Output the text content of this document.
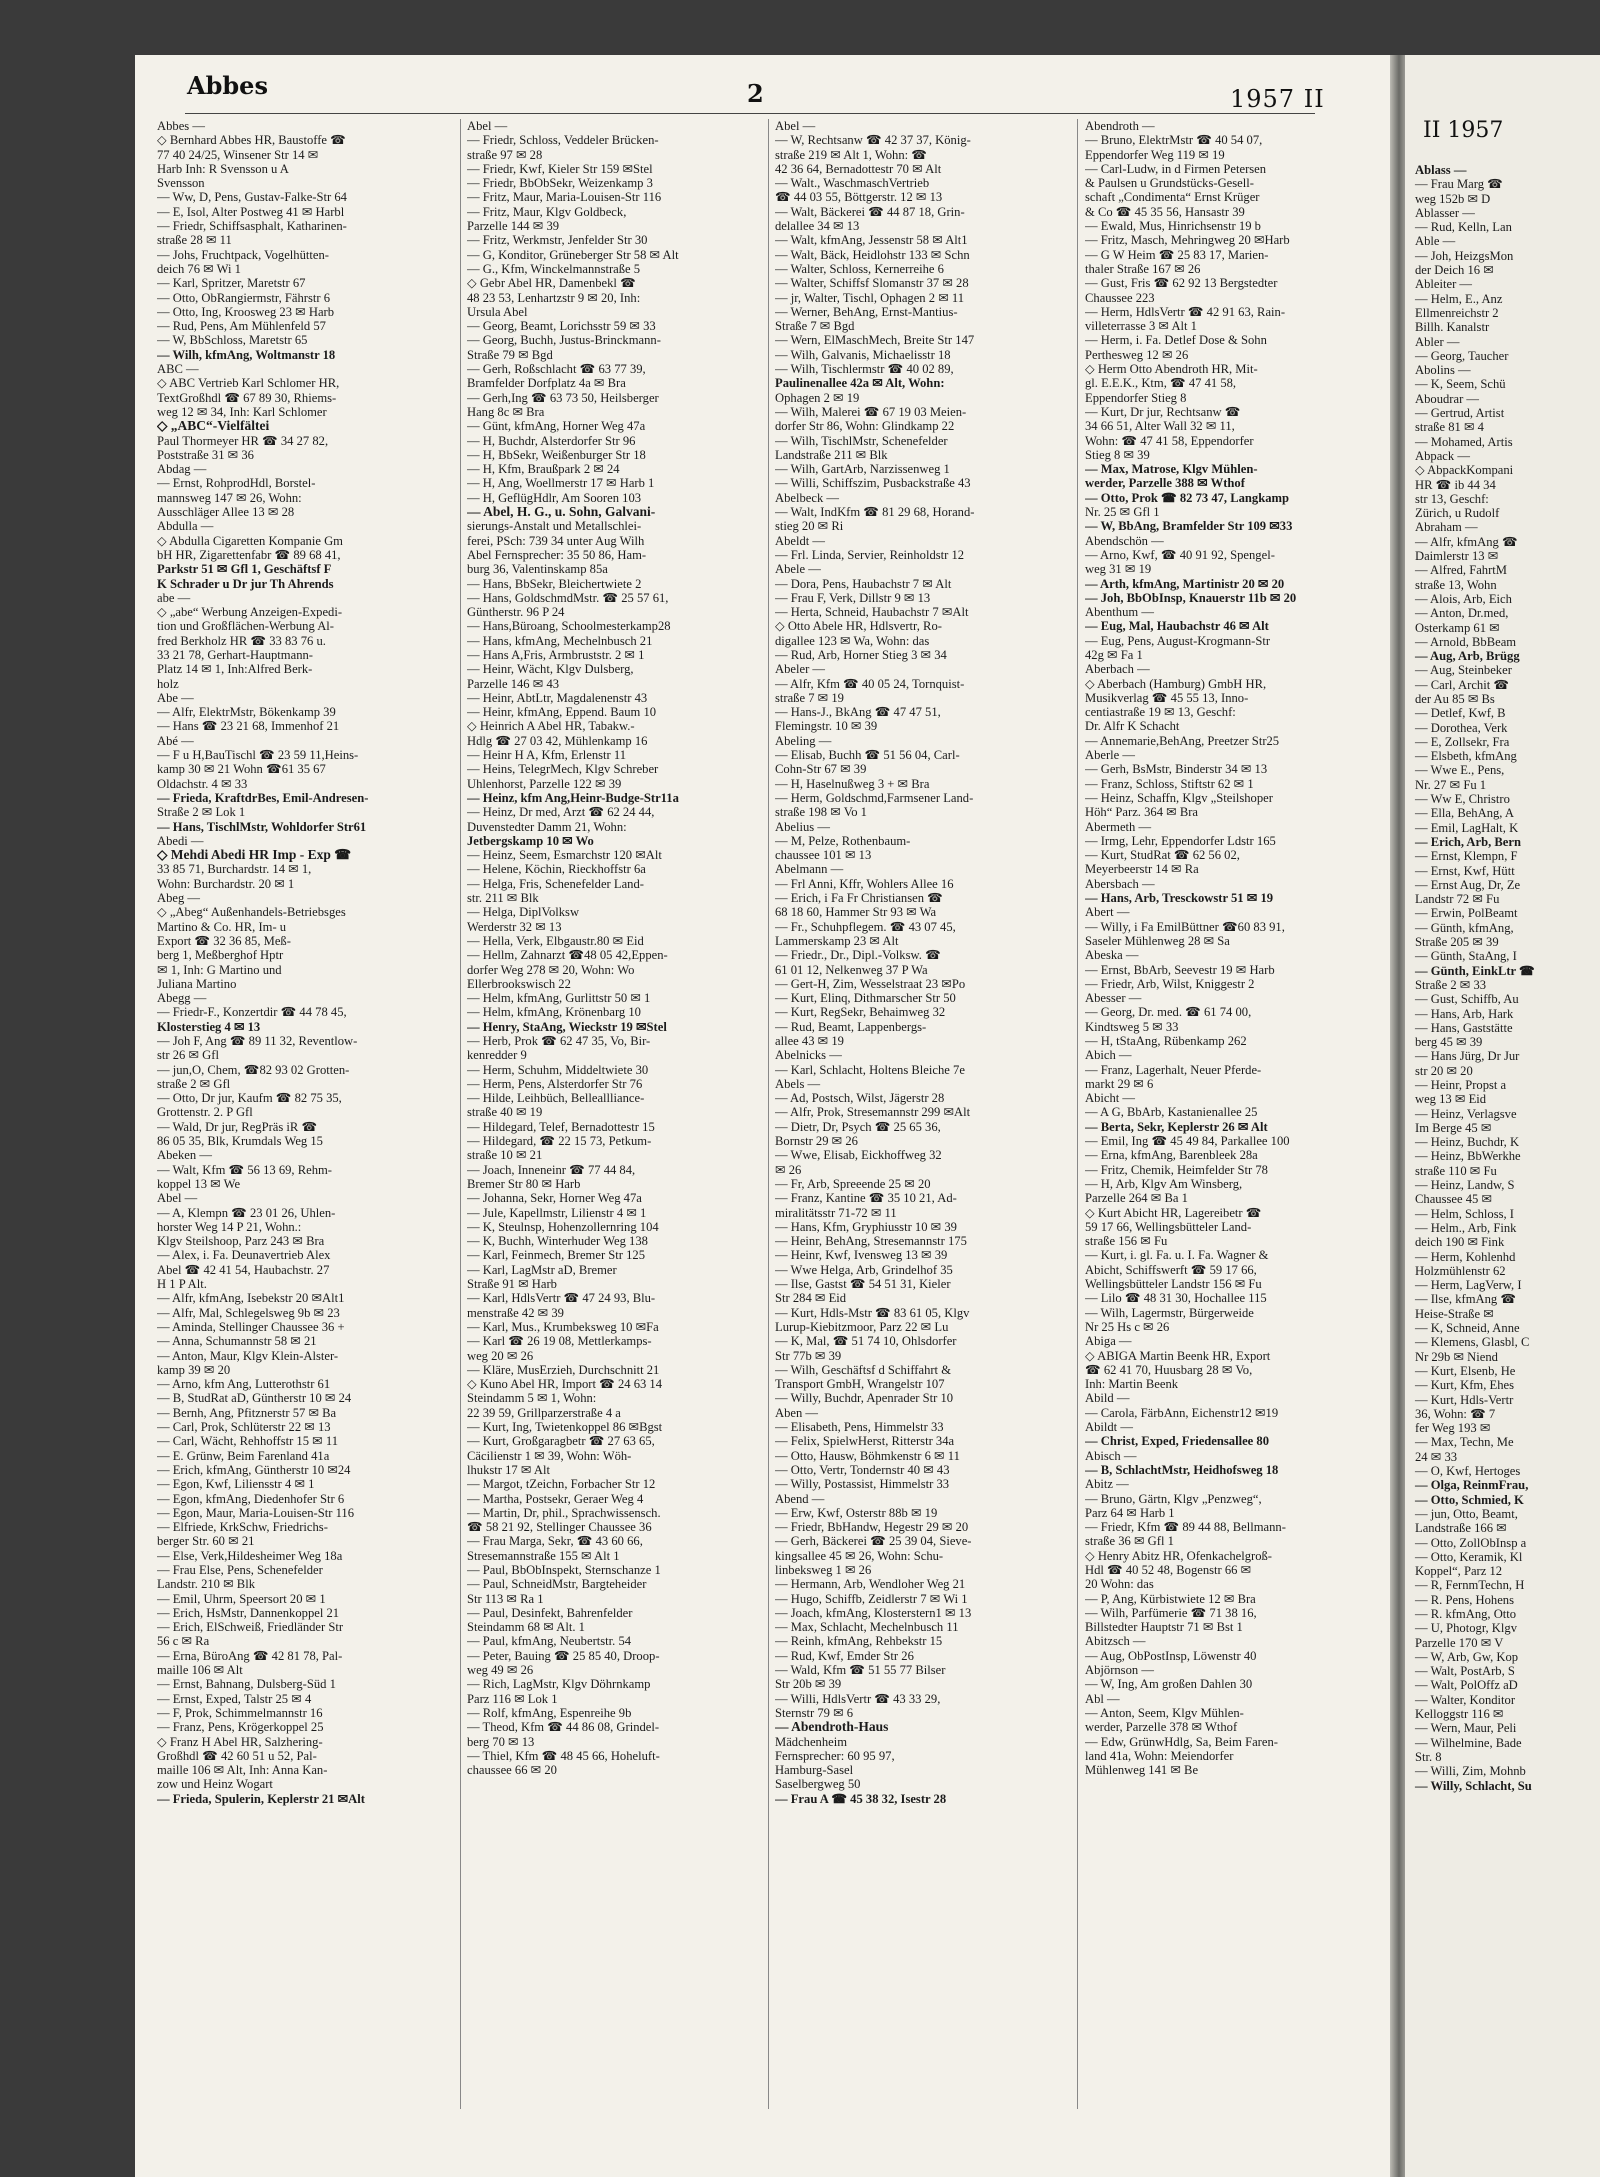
Abbes	2	1957 II
Abbes —
◇ Bernhard Abbes HR, Baustoffe ☎
77 40 24/25, Winsener Str 14 ✉
Harb Inh: R Svensson u A
Svensson
— Ww, D, Pens, Gustav-Falke-Str 64
— E, Isol, Alter Postweg 41 ✉ Harbl
— Friedr, Schiffsasphalt, Katharinen-
straße 28 ✉ 11
— Johs, Fruchtpack, Vogelhütten-
deich 76 ✉ Wi 1
— Karl, Spritzer, Maretstr 67
— Otto, ObRangiermstr, Fährstr 6
— Otto, Ing, Kroosweg 23 ✉ Harb
— Rud, Pens, Am Mühlenfeld 57
— W, BbSchloss, Maretstr 65
— Wilh, kfmAng, Woltmanstr 18
ABC —
◇ ABC Vertrieb Karl Schlomer HR,
TextGroßhdl ☎ 67 89 30, Rhiems-
weg 12 ✉ 34, Inh: Karl Schlomer
◇ „ABC“-Vielfältei
Paul Thormeyer HR ☎ 34 27 82,
Poststraße 31 ✉ 36
Abdag —
— Ernst, RohprodHdl, Borstel-
mannsweg 147 ✉ 26, Wohn:
Ausschläger Allee 13 ✉ 28
Abdulla —
◇ Abdulla Cigaretten Kompanie Gm
bH HR, Zigarettenfabr ☎ 89 68 41,
Parkstr 51 ✉ Gfl 1, Geschäftsf F
K Schrader u Dr jur Th Ahrends
abe —
◇ „abe“ Werbung Anzeigen-Expedi-
tion und Großflächen-Werbung Al-
fred Berkholz HR ☎ 33 83 76 u.
33 21 78, Gerhart-Hauptmann-
Platz 14 ✉ 1, Inh:Alfred Berk-
holz
Abe —
— Alfr, ElektrMstr, Bökenkamp 39
— Hans ☎ 23 21 68, Immenhof 21
Abé —
— F u H,BauTischl ☎ 23 59 11,Heins-
kamp 30 ✉ 21 Wohn ☎61 35 67
Oldachstr. 4 ✉ 33
— Frieda, KraftdrBes, Emil-Andresen-
Straße 2 ✉ Lok 1
— Hans, TischlMstr, Wohldorfer Str61
Abedi —
◇ Mehdi Abedi HR Imp - Exp ☎
33 85 71, Burchardstr. 14 ✉ 1,
Wohn: Burchardstr. 20 ✉ 1
Abeg —
◇ „Abeg“ Außenhandels-Betriebsges
Martino & Co. HR, Im- u
Export ☎ 32 36 85, Meß-
berg 1, Meßberghof Hptr
✉ 1, Inh: G Martino und
Juliana Martino
Abegg —
— Friedr-F., Konzertdir ☎ 44 78 45,
Klosterstieg 4 ✉ 13
— Joh F, Ang ☎ 89 11 32, Reventlow-
str 26 ✉ Gfl
— jun,O, Chem, ☎82 93 02 Grotten-
straße 2 ✉ Gfl
— Otto, Dr jur, Kaufm ☎ 82 75 35,
Grottenstr. 2. P Gfl
— Wald, Dr jur, RegPräs iR ☎
86 05 35, Blk, Krumdals Weg 15
Abeken —
— Walt, Kfm ☎ 56 13 69, Rehm-
koppel 13 ✉ We
Abel —
— A, Klempn ☎ 23 01 26, Uhlen-
horster Weg 14 P 21, Wohn.:
Klgv Steilshoop, Parz 243 ✉ Bra
— Alex, i. Fa. Deunavertrieb Alex
Abel ☎ 42 41 54, Haubachstr. 27
H 1 P Alt.
— Alfr, kfmAng, Isebekstr 20 ✉Alt1
— Alfr, Mal, Schlegelsweg 9b ✉ 23
— Aminda, Stellinger Chaussee 36 +
— Anna, Schumannstr 58 ✉ 21
— Anton, Maur, Klgv Klein-Alster-
kamp 39 ✉ 20
— Arno, kfm Ang, Lutterothstr 61
— B, StudRat aD, Güntherstr 10 ✉ 24
— Bernh, Ang, Pfitznerstr 57 ✉ Ba
— Carl, Prok, Schlüterstr 22 ✉ 13
— Carl, Wächt, Rehhoffstr 15 ✉ 11
— E. Grünw, Beim Farenland 41a
— Erich, kfmAng, Güntherstr 10 ✉24
— Egon, Kwf, Liliensstr 4 ✉ 1
— Egon, kfmAng, Diedenhofer Str 6
— Egon, Maur, Maria-Louisen-Str 116
— Elfriede, KrkSchw, Friedrichs-
berger Str. 60 ✉ 21
— Else, Verk,Hildesheimer Weg 18a
— Frau Else, Pens, Schenefelder
Landstr. 210 ✉ Blk
— Emil, Uhrm, Speersort 20 ✉ 1
— Erich, HsMstr, Dannenkoppel 21
— Erich, ElSchweiß, Friedländer Str
56 c ✉ Ra
— Erna, BüroAng ☎ 42 81 78, Pal-
maille 106 ✉ Alt
— Ernst, Bahnang, Dulsberg-Süd 1
— Ernst, Exped, Talstr 25 ✉ 4
— F, Prok, Schimmelmannstr 16
— Franz, Pens, Krögerkoppel 25
◇ Franz H Abel HR, Salzhering-
Großhdl ☎ 42 60 51 u 52, Pal-
maille 106 ✉ Alt, Inh: Anna Kan-
zow und Heinz Wogart
— Frieda, Spulerin, Keplerstr 21 ✉Alt
Abel —
— Friedr, Schloss, Veddeler Brücken-
straße 97 ✉ 28
— Friedr, Kwf, Kieler Str 159 ✉Stel
— Friedr, BbObSekr, Weizenkamp 3
— Fritz, Maur, Maria-Louisen-Str 116
— Fritz, Maur, Klgv Goldbeck,
Parzelle 144 ✉ 39
— Fritz, Werkmstr, Jenfelder Str 30
— G, Konditor, Grüneberger Str 58 ✉ Alt
— G., Kfm, Winckelmannstraße 5
◇ Gebr Abel HR, Damenbekl ☎
48 23 53, Lenhartzstr 9 ✉ 20, Inh:
Ursula Abel
— Georg, Beamt, Lorichsstr 59 ✉ 33
— Georg, Buchh, Justus-Brinckmann-
Straße 79 ✉ Bgd
— Gerh, Roßschlacht ☎ 63 77 39,
Bramfelder Dorfplatz 4a ✉ Bra
— Gerh,Ing ☎ 63 73 50, Heilsberger
Hang 8c ✉ Bra
— Günt, kfmAng, Horner Weg 47a
— H, Buchdr, Alsterdorfer Str 96
— H, BbSekr, Weißenburger Str 18
— H, Kfm, Braußpark 2 ✉ 24
— H, Ang, Woellmerstr 17 ✉ Harb 1
— H, GeflügHdlr, Am Sooren 103
— Abel, H. G., u. Sohn, Galvani-
sierungs-Anstalt und Metallschlei-
ferei, PSch: 739 34 unter Aug Wilh
Abel Fernsprecher: 35 50 86, Ham-
burg 36, Valentinskamp 85a
— Hans, BbSekr, Bleichertwiete 2
— Hans, GoldschmdMstr. ☎ 25 57 61,
Güntherstr. 96 P 24
— Hans,Büroang, Schoolmesterkamp28
— Hans, kfmAng, Mechelnbusch 21
— Hans A,Fris, Armbruststr. 2 ✉ 1
— Heinr, Wächt, Klgv Dulsberg,
Parzelle 146 ✉ 43
— Heinr, AbtLtr, Magdalenenstr 43
— Heinr, kfmAng, Eppend. Baum 10
◇ Heinrich A Abel HR, Tabakw.-
Hdlg ☎ 27 03 42, Mühlenkamp 16
— Heinr H A, Kfm, Erlenstr 11
— Heins, TelegrMech, Klgv Schreber
Uhlenhorst, Parzelle 122 ✉ 39
— Heinz, kfm Ang,Heinr-Budge-Str11a
— Heinz, Dr med, Arzt ☎ 62 24 44,
Duvenstedter Damm 21, Wohn:
Jetbergskamp 10 ✉ Wo
— Heinz, Seem, Esmarchstr 120 ✉Alt
— Helene, Köchin, Rieckhoffstr 6a
— Helga, Fris, Schenefelder Land-
str. 211 ✉ Blk
— Helga, DiplVolksw
Werderstr 32 ✉ 13
— Hella, Verk, Elbgaustr.80 ✉ Eid
— Hellm, Zahnarzt ☎48 05 42,Eppen-
dorfer Weg 278 ✉ 20, Wohn: Wo
Ellerbrookswisch 22
— Helm, kfmAng, Gurlittstr 50 ✉ 1
— Helm, kfmAng, Krönenbarg 10
— Henry, StaAng, Wieckstr 19 ✉Stel
— Herb, Prok ☎ 62 47 35, Vo, Bir-
kenredder 9
— Herm, Schuhm, Middeltwiete 30
— Herm, Pens, Alsterdorfer Str 76
— Hilde, Leihbüch, Belleallliance-
straße 40 ✉ 19
— Hildegard, Telef, Bernadottestr 15
— Hildegard, ☎ 22 15 73, Petkum-
straße 10 ✉ 21
— Joach, Inneneinr ☎ 77 44 84,
Bremer Str 80 ✉ Harb
— Johanna, Sekr, Horner Weg 47a
— Jule, Kapellmstr, Lilienstr 4 ✉ 1
— K, Steulnsp, Hohenzollernring 104
— K, Buchh, Winterhuder Weg 138
— Karl, Feinmech, Bremer Str 125
— Karl, LagMstr aD, Bremer
Straße 91 ✉ Harb
— Karl, HdlsVertr ☎ 47 24 93, Blu-
menstraße 42 ✉ 39
— Karl, Mus., Krumbeksweg 10 ✉Fa
— Karl ☎ 26 19 08, Mettlerkamps-
weg 20 ✉ 26
— Kläre, MusErzieh, Durchschnitt 21
◇ Kuno Abel HR, Import ☎ 24 63 14
Steindamm 5 ✉ 1, Wohn:
22 39 59, Grillparzerstraße 4 a
— Kurt, Ing, Twietenkoppel 86 ✉Bgst
— Kurt, Großgaragbetr ☎ 27 63 65,
Cäcilienstr 1 ✉ 39, Wohn: Wöh-
lhukstr 17 ✉ Alt
— Margot, tZeichn, Forbacher Str 12
— Martha, Postsekr, Geraer Weg 4
— Martin, Dr, phil., Sprachwissensch.
☎ 58 21 92, Stellinger Chaussee 36
— Frau Marga, Sekr, ☎ 43 60 66,
Stresemannstraße 155 ✉ Alt 1
— Paul, BbObInspekt, Sternschanze 1
— Paul, SchneidMstr, Bargteheider
Str 113 ✉ Ra 1
— Paul, Desinfekt, Bahrenfelder
Steindamm 68 ✉ Alt. 1
— Paul, kfmAng, Neubertstr. 54
— Peter, Bauing ☎ 25 85 40, Droop-
weg 49 ✉ 26
— Rich, LagMstr, Klgv Döhrnkamp
Parz 116 ✉ Lok 1
— Rolf, kfmAng, Espenreihe 9b
— Theod, Kfm ☎ 44 86 08, Grindel-
berg 70 ✉ 13
— Thiel, Kfm ☎ 48 45 66, Hoheluft-
chaussee 66 ✉ 20
Abel —
— W, Rechtsanw ☎ 42 37 37, König-
straße 219 ✉ Alt 1, Wohn: ☎
42 36 64, Bernadottestr 70 ✉ Alt
— Walt., WaschmaschVertrieb
☎ 44 03 55, Böttgerstr. 12 ✉ 13
— Walt, Bäckerei ☎ 44 87 18, Grin-
delallee 34 ✉ 13
— Walt, kfmAng, Jessenstr 58 ✉ Alt1
— Walt, Bäck, Heidlohstr 133 ✉ Schn
— Walter, Schloss, Kernerreihe 6
— Walter, Schiffsf Slomanstr 37 ✉ 28
— jr, Walter, Tischl, Ophagen 2 ✉ 11
— Werner, BehAng, Ernst-Mantius-
Straße 7 ✉ Bgd
— Wern, ElMaschMech, Breite Str 147
— Wilh, Galvanis, Michaelisstr 18
— Wilh, Tischlermstr ☎ 40 02 89,
Paulinenallee 42a ✉ Alt, Wohn:
Ophagen 2 ✉ 19
— Wilh, Malerei ☎ 67 19 03 Meien-
dorfer Str 86, Wohn: Glindkamp 22
— Wilh, TischlMstr, Schenefelder
Landstraße 211 ✉ Blk
— Wilh, GartArb, Narzissenweg 1
— Willi, Schiffszim, Pusbackstraße 43
Abelbeck —
— Walt, IndKfm ☎ 81 29 68, Horand-
stieg 20 ✉ Ri
Abeldt —
— Frl. Linda, Servier, Reinholdstr 12
Abele —
— Dora, Pens, Haubachstr 7 ✉ Alt
— Frau F, Verk, Dillstr 9 ✉ 13
— Herta, Schneid, Haubachstr 7 ✉Alt
◇ Otto Abele HR, Hdlsvertr, Ro-
digallee 123 ✉ Wa, Wohn: das
— Rud, Arb, Horner Stieg 3 ✉ 34
Abeler —
— Alfr, Kfm ☎ 40 05 24, Tornquist-
straße 7 ✉ 19
— Hans-J., BkAng ☎ 47 47 51,
Flemingstr. 10 ✉ 39
Abeling —
— Elisab, Buchh ☎ 51 56 04, Carl-
Cohn-Str 67 ✉ 39
— H, Haselnußweg 3 + ✉ Bra
— Herm, Goldschmd,Farmsener Land-
straße 198 ✉ Vo 1
Abelius —
— M, Pelze, Rothenbaum-
chaussee 101 ✉ 13
Abelmann —
— Frl Anni, Kffr, Wohlers Allee 16
— Erich, i Fa Fr Christiansen ☎
68 18 60, Hammer Str 93 ✉ Wa
— Fr., Schuhpflegem. ☎ 43 07 45,
Lammerskamp 23 ✉ Alt
— Friedr., Dr., Dipl.-Volksw. ☎
61 01 12, Nelkenweg 37 P Wa
— Gert-H, Zim, Wesselstraat 23 ✉Po
— Kurt, Elinq, Dithmarscher Str 50
— Kurt, RegSekr, Behaimweg 32
— Rud, Beamt, Lappenbergs-
allee 43 ✉ 19
Abelnicks —
— Karl, Schlacht, Holtens Bleiche 7e
Abels —
— Ad, Postsch, Wilst, Jägerstr 28
— Alfr, Prok, Stresemannstr 299 ✉Alt
— Dietr, Dr, Psych ☎ 25 65 36,
Bornstr 29 ✉ 26
— Wwe, Elisab, Eickhoffweg 32
✉ 26
— Fr, Arb, Spreeende 25 ✉ 20
— Franz, Kantine ☎ 35 10 21, Ad-
miralitätsstr 71-72 ✉ 11
— Hans, Kfm, Gryphiusstr 10 ✉ 39
— Heinr, BehAng, Stresemannstr 175
— Heinr, Kwf, Ivensweg 13 ✉ 39
— Wwe Helga, Arb, Grindelhof 35
— Ilse, Gastst ☎ 54 51 31, Kieler
Str 284 ✉ Eid
— Kurt, Hdls-Mstr ☎ 83 61 05, Klgv
Lurup-Kiebitzmoor, Parz 22 ✉ Lu
— K, Mal, ☎ 51 74 10, Ohlsdorfer
Str 77b ✉ 39
— Wilh, Geschäftsf d Schiffahrt &
Transport GmbH, Wrangelstr 107
— Willy, Buchdr, Apenrader Str 10
Aben —
— Elisabeth, Pens, Himmelstr 33
— Felix, SpielwHerst, Ritterstr 34a
— Otto, Hausw, Böhmkenstr 6 ✉ 11
— Otto, Vertr, Tondernstr 40 ✉ 43
— Willy, Postassist, Himmelstr 33
Abend —
— Erw, Kwf, Osterstr 88b ✉ 19
— Friedr, BbHandw, Hegestr 29 ✉ 20
— Gerh, Bäckerei ☎ 25 39 04, Sieve-
kingsallee 45 ✉ 26, Wohn: Schu-
linbeksweg 1 ✉ 26
— Hermann, Arb, Wendloher Weg 21
— Hugo, Schiffb, Zeidlerstr 7 ✉ Wi 1
— Joach, kfmAng, Klosterstern1 ✉ 13
— Max, Schlacht, Mechelnbusch 11
— Reinh, kfmAng, Rehbekstr 15
— Rud, Kwf, Emder Str 26
— Wald, Kfm ☎ 51 55 77 Bilser
Str 20b ✉ 39
— Willi, HdlsVertr ☎ 43 33 29,
Sternstr 79 ✉ 6
— Abendroth-Haus
Mädchenheim
Fernsprecher: 60 95 97,
Hamburg-Sasel
Saselbergweg 50
— Frau A ☎ 45 38 32, Isestr 28
Abendroth —
— Bruno, ElektrMstr ☎ 40 54 07,
Eppendorfer Weg 119 ✉ 19
— Carl-Ludw, in d Firmen Petersen
& Paulsen u Grundstücks-Gesell-
schaft „Condimenta“ Ernst Krüger
& Co ☎ 45 35 56, Hansastr 39
— Ewald, Mus, Hinrichsenstr 19 b
— Fritz, Masch, Mehringweg 20 ✉Harb
— G W Heim ☎ 25 83 17, Marien-
thaler Straße 167 ✉ 26
— Gust, Fris ☎ 62 92 13 Bergstedter
Chaussee 223
— Herm, HdlsVertr ☎ 42 91 63, Rain-
villeterrasse 3 ✉ Alt 1
— Herm, i. Fa. Detlef Dose & Sohn
Perthesweg 12 ✉ 26
◇ Herm Otto Abendroth HR, Mit-
gl. E.E.K., Ktm, ☎ 47 41 58,
Eppendorfer Stieg 8
— Kurt, Dr jur, Rechtsanw ☎
34 66 51, Alter Wall 32 ✉ 11,
Wohn: ☎ 47 41 58, Eppendorfer
Stieg 8 ✉ 39
— Max, Matrose, Klgv Mühlen-
werder, Parzelle 388 ✉ Wthof
— Otto, Prok ☎ 82 73 47, Langkamp
Nr. 25 ✉ Gfl 1
— W, BbAng, Bramfelder Str 109 ✉33
Abendschön —
— Arno, Kwf, ☎ 40 91 92, Spengel-
weg 31 ✉ 19
— Arth, kfmAng, Martinistr 20 ✉ 20
— Joh, BbObInsp, Knauerstr 11b ✉ 20
Abenthum —
— Eug, Mal, Haubachstr 46 ✉ Alt
— Eug, Pens, August-Krogmann-Str
42g ✉ Fa 1
Aberbach —
◇ Aberbach (Hamburg) GmbH HR,
Musikverlag ☎ 45 55 13, Inno-
centiastraße 19 ✉ 13, Geschf:
Dr. Alfr K Schacht
— Annemarie,BehAng, Preetzer Str25
Aberle —
— Gerh, BsMstr, Binderstr 34 ✉ 13
— Franz, Schloss, Stiftstr 62 ✉ 1
— Heinz, Schaffn, Klgv „Steilshoper
Höh“ Parz. 364 ✉ Bra
Abermeth —
— Irmg, Lehr, Eppendorfer Ldstr 165
— Kurt, StudRat ☎ 62 56 02,
Meyerbeerstr 14 ✉ Ra
Abersbach —
— Hans, Arb, Tresckowstr 51 ✉ 19
Abert —
— Willy, i Fa EmilBüttner ☎60 83 91,
Saseler Mühlenweg 28 ✉ Sa
Abeska —
— Ernst, BbArb, Seevestr 19 ✉ Harb
— Friedr, Arb, Wilst, Kniggestr 2
Abesser —
— Georg, Dr. med. ☎ 61 74 00,
Kindtsweg 5 ✉ 33
— H, tStaAng, Rübenkamp 262
Abich —
— Franz, Lagerhalt, Neuer Pferde-
markt 29 ✉ 6
Abicht —
— A G, BbArb, Kastanienallee 25
— Berta, Sekr, Keplerstr 26 ✉ Alt
— Emil, Ing ☎ 45 49 84, Parkallee 100
— Erna, kfmAng, Barenbleek 28a
— Fritz, Chemik, Heimfelder Str 78
— H, Arb, Klgv Am Winsberg,
Parzelle 264 ✉ Ba 1
◇ Kurt Abicht HR, Lagereibetr ☎
59 17 66, Wellingsbütteler Land-
straße 156 ✉ Fu
— Kurt, i. gl. Fa. u. I. Fa. Wagner &
Abicht, Schiffswerft ☎ 59 17 66,
Wellingsbütteler Landstr 156 ✉ Fu
— Lilo ☎ 48 31 30, Hochallee 115
— Wilh, Lagermstr, Bürgerweide
Nr 25 Hs c ✉ 26
Abiga —
◇ ABIGA Martin Beenk HR, Export
☎ 62 41 70, Huusbarg 28 ✉ Vo,
Inh: Martin Beenk
Abild —
— Carola, FärbAnn, Eichenstr12 ✉19
Abildt —
— Christ, Exped, Friedensallee 80
Abisch —
— B, SchlachtMstr, Heidhofsweg 18
Abitz —
— Bruno, Gärtn, Klgv „Penzweg“,
Parz 64 ✉ Harb 1
— Friedr, Kfm ☎ 89 44 88, Bellmann-
straße 36 ✉ Gfl 1
◇ Henry Abitz HR, Ofenkachelgroß-
Hdl ☎ 40 52 48, Bogenstr 66 ✉
20 Wohn: das
— P, Ang, Kürbistwiete 12 ✉ Bra
— Wilh, Parfümerie ☎ 71 38 16,
Billstedter Hauptstr 71 ✉ Bst 1
Abitzsch —
— Aug, ObPostInsp, Löwenstr 40
Abjörnson —
— W, Ing, Am großen Dahlen 30
Abl —
— Anton, Seem, Klgv Mühlen-
werder, Parzelle 378 ✉ Wthof
— Edw, GrünwHdlg, Sa, Beim Faren-
land 41a, Wohn: Meiendorfer
Mühlenweg 141 ✉ Be
II 1957
Ablass —
— Frau Marg ☎
weg 152b ✉ D
Ablasser —
— Rud, Kelln, Lan
Able —
— Joh, HeizgsMon
der Deich 16 ✉
Ableiter —
— Helm, E., Anz
Ellmenreichstr 2
Billh. Kanalstr
Abler —
— Georg, Taucher
Abolins —
— K, Seem, Schü
Aboudrar —
— Gertrud, Artist
straße 81 ✉ 4
— Mohamed, Artis
Abpack —
◇ AbpackKompani
HR ☎ ib 44 34
str 13, Geschf:
Zürich, u Rudolf
Abraham —
— Alfr, kfmAng ☎
Daimlerstr 13 ✉
— Alfred, FahrtM
straße 13, Wohn
— Alois, Arb, Eich
— Anton, Dr.med,
Osterkamp 61 ✉
— Arnold, BbBeam
— Aug, Arb, Brügg
— Aug, Steinbeker
— Carl, Archit ☎
der Au 85 ✉ Bs
— Detlef, Kwf, B
— Dorothea, Verk
— E, Zollsekr, Fra
— Elsbeth, kfmAng
— Wwe E., Pens,
Nr. 27 ✉ Fu 1
— Ww E, Christro
— Ella, BehAng, A
— Emil, LagHalt, K
— Erich, Arb, Bern
— Ernst, Klempn, F
— Ernst, Kwf, Hütt
— Ernst Aug, Dr, Ze
Landstr 72 ✉ Fu
— Erwin, PolBeamt
— Günth, kfmAng,
Straße 205 ✉ 39
— Günth, StaAng, I
— Günth, EinkLtr ☎
Straße 2 ✉ 33
— Gust, Schiffb, Au
— Hans, Arb, Hark
— Hans, Gaststätte
berg 45 ✉ 39
— Hans Jürg, Dr Jur
str 20 ✉ 20
— Heinr, Propst a
weg 13 ✉ Eid
— Heinz, Verlagsve
Im Berge 45 ✉
— Heinz, Buchdr, K
— Heinz, BbWerkhe
straße 110 ✉ Fu
— Heinz, Landw, S
Chaussee 45 ✉
— Helm, Schloss, I
— Helm., Arb, Fink
deich 190 ✉ Fink
— Herm, Kohlenhd
Holzmühlenstr 62
— Herm, LagVerw, I
— Ilse, kfmAng ☎
Heise-Straße ✉
— K, Schneid, Anne
— Klemens, Glasbl, C
Nr 29b ✉ Niend
— Kurt, Elsenb, He
— Kurt, Kfm, Ehes
— Kurt, Hdls-Vertr
36, Wohn: ☎ 7
fer Weg 193 ✉
— Max, Techn, Me
24 ✉ 33
— O, Kwf, Hertoges
— Olga, ReinmFrau,
— Otto, Schmied, K
— jun, Otto, Beamt,
Landstraße 166 ✉
— Otto, ZollObInsp a
— Otto, Keramik, Kl
Koppel“, Parz 12
— R, FernmTechn, H
— R. Pens, Hohens
— R. kfmAng, Otto
— U, Photogr, Klgv
Parzelle 170 ✉ V
— W, Arb, Gw, Kop
— Walt, PostArb, S
— Walt, PolOffz aD
— Walter, Konditor
Kelloggstr 116 ✉
— Wern, Maur, Peli
— Wilhelmine, Bade
Str. 8
— Willi, Zim, Mohnb
— Willy, Schlacht, Su
